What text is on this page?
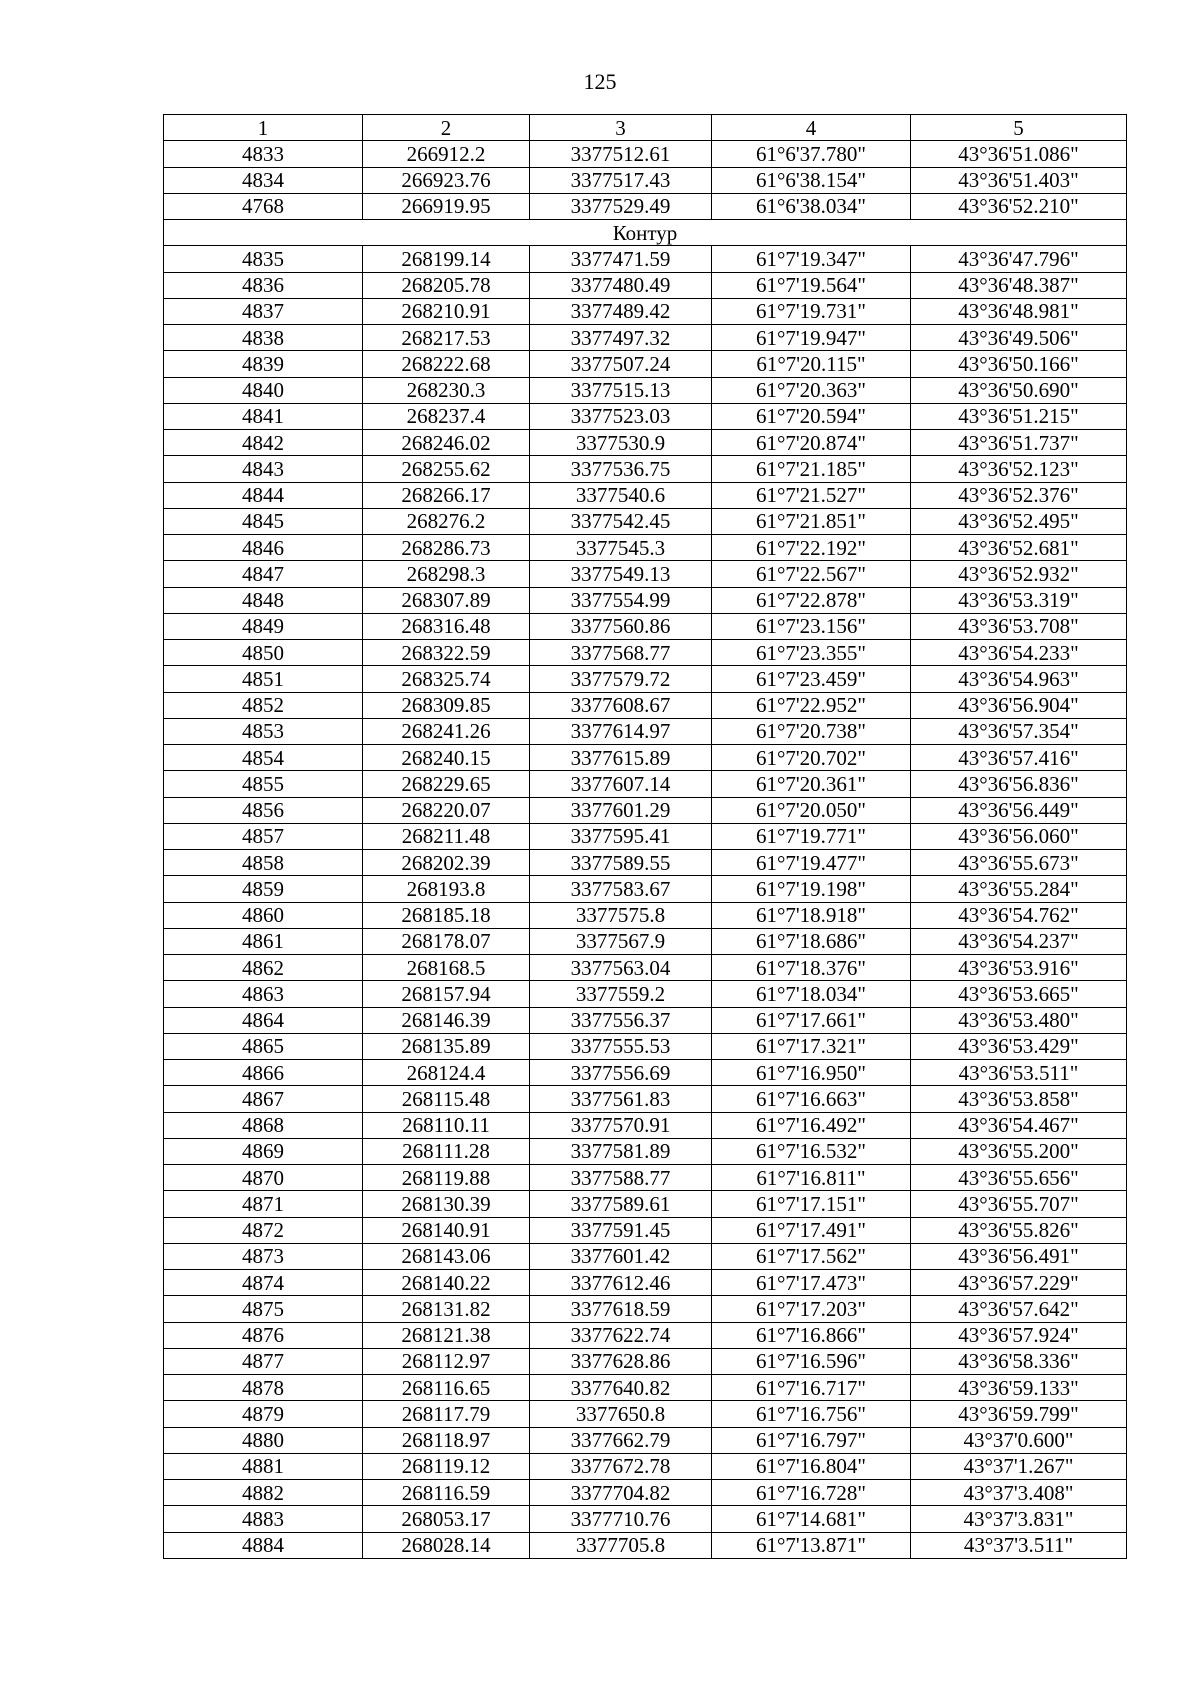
125
1	2	3	4	5
4833	266912.2	3377512.61	61°6'37.780"	43°36'51.086"
4834	266923.76	3377517.43	61°6'38.154"	43°36'51.403"
4768	266919.95	3377529.49	61°6'38.034"	43°36'52.210"
Контур				
4835	268199.14	3377471.59	61°7'19.347"	43°36'47.796"
4836	268205.78	3377480.49	61°7'19.564"	43°36'48.387"
4837	268210.91	3377489.42	61°7'19.731"	43°36'48.981"
4838	268217.53	3377497.32	61°7'19.947"	43°36'49.506"
4839	268222.68	3377507.24	61°7'20.115"	43°36'50.166"
4840	268230.3	3377515.13	61°7'20.363"	43°36'50.690"
4841	268237.4	3377523.03	61°7'20.594"	43°36'51.215"
4842	268246.02	3377530.9	61°7'20.874"	43°36'51.737"
4843	268255.62	3377536.75	61°7'21.185"	43°36'52.123"
4844	268266.17	3377540.6	61°7'21.527"	43°36'52.376"
4845	268276.2	3377542.45	61°7'21.851"	43°36'52.495"
4846	268286.73	3377545.3	61°7'22.192"	43°36'52.681"
4847	268298.3	3377549.13	61°7'22.567"	43°36'52.932"
4848	268307.89	3377554.99	61°7'22.878"	43°36'53.319"
4849	268316.48	3377560.86	61°7'23.156"	43°36'53.708"
4850	268322.59	3377568.77	61°7'23.355"	43°36'54.233"
4851	268325.74	3377579.72	61°7'23.459"	43°36'54.963"
4852	268309.85	3377608.67	61°7'22.952"	43°36'56.904"
4853	268241.26	3377614.97	61°7'20.738"	43°36'57.354"
4854	268240.15	3377615.89	61°7'20.702"	43°36'57.416"
4855	268229.65	3377607.14	61°7'20.361"	43°36'56.836"
4856	268220.07	3377601.29	61°7'20.050"	43°36'56.449"
4857	268211.48	3377595.41	61°7'19.771"	43°36'56.060"
4858	268202.39	3377589.55	61°7'19.477"	43°36'55.673"
4859	268193.8	3377583.67	61°7'19.198"	43°36'55.284"
4860	268185.18	3377575.8	61°7'18.918"	43°36'54.762"
4861	268178.07	3377567.9	61°7'18.686"	43°36'54.237"
4862	268168.5	3377563.04	61°7'18.376"	43°36'53.916"
4863	268157.94	3377559.2	61°7'18.034"	43°36'53.665"
4864	268146.39	3377556.37	61°7'17.661"	43°36'53.480"
4865	268135.89	3377555.53	61°7'17.321"	43°36'53.429"
4866	268124.4	3377556.69	61°7'16.950"	43°36'53.511"
4867	268115.48	3377561.83	61°7'16.663"	43°36'53.858"
4868	268110.11	3377570.91	61°7'16.492"	43°36'54.467"
4869	268111.28	3377581.89	61°7'16.532"	43°36'55.200"
4870	268119.88	3377588.77	61°7'16.811"	43°36'55.656"
4871	268130.39	3377589.61	61°7'17.151"	43°36'55.707"
4872	268140.91	3377591.45	61°7'17.491"	43°36'55.826"
4873	268143.06	3377601.42	61°7'17.562"	43°36'56.491"
4874	268140.22	3377612.46	61°7'17.473"	43°36'57.229"
4875	268131.82	3377618.59	61°7'17.203"	43°36'57.642"
4876	268121.38	3377622.74	61°7'16.866"	43°36'57.924"
4877	268112.97	3377628.86	61°7'16.596"	43°36'58.336"
4878	268116.65	3377640.82	61°7'16.717"	43°36'59.133"
4879	268117.79	3377650.8	61°7'16.756"	43°36'59.799"
4880	268118.97	3377662.79	61°7'16.797"	43°37'0.600"
4881	268119.12	3377672.78	61°7'16.804"	43°37'1.267"
4882	268116.59	3377704.82	61°7'16.728"	43°37'3.408"
4883	268053.17	3377710.76	61°7'14.681"	43°37'3.831"
4884	268028.14	3377705.8	61°7'13.871"	43°37'3.511"
